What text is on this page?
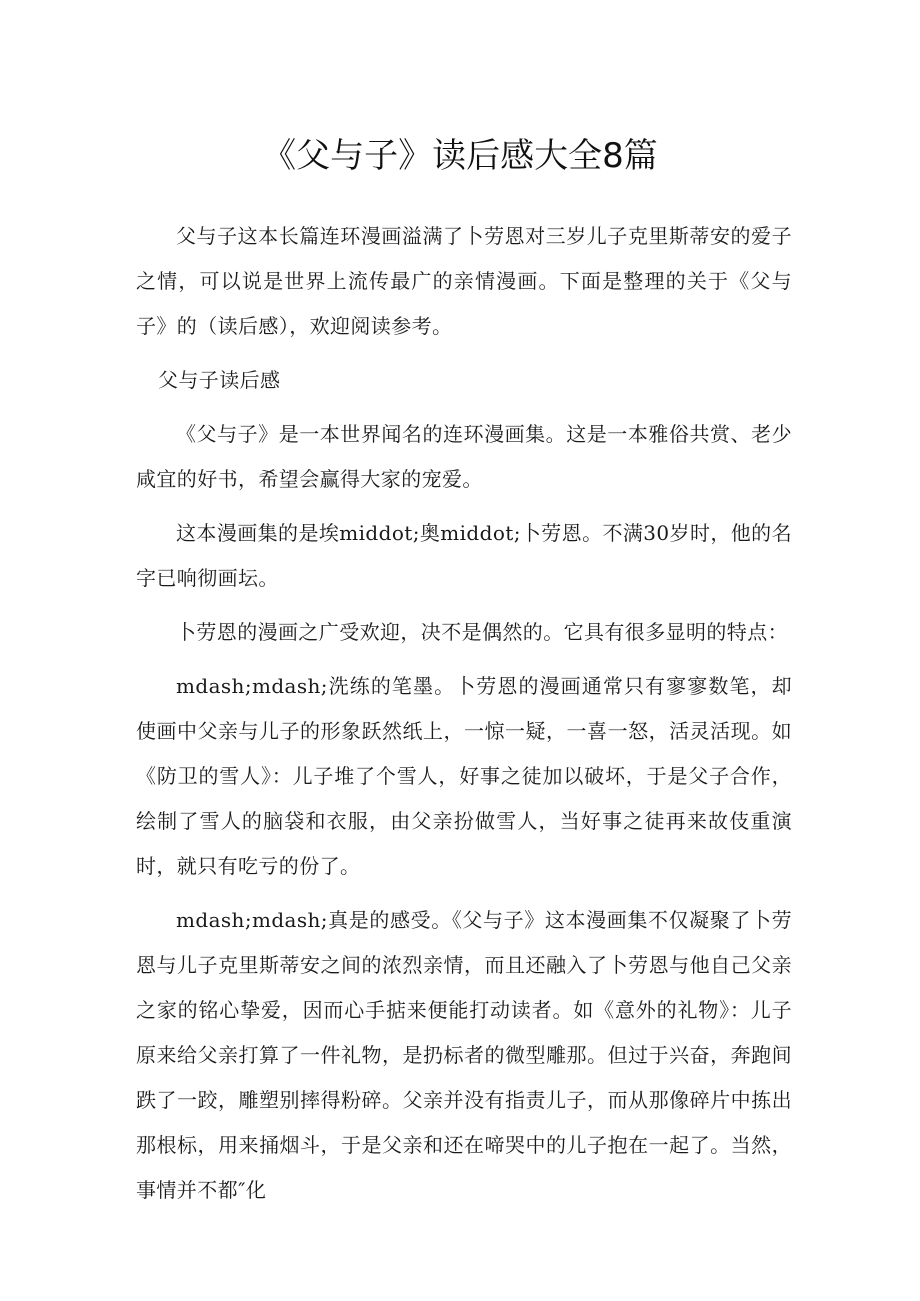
《父与子》读后感大全8篇

父与子这本长篇连环漫画溢满了卜劳恩对三岁儿子克里斯蒂安的爱子之情，可以说是世界上流传最广的亲情漫画。下面是整理的关于《父与子》的（读后感），欢迎阅读参考。

父与子读后感

《父与子》是一本世界闻名的连环漫画集。这是一本雅俗共赏、老少咸宜的好书，希望会赢得大家的宠爱。

这本漫画集的是埃middot;奥middot;卜劳恩。不满30岁时，他的名字已响彻画坛。

卜劳恩的漫画之广受欢迎，决不是偶然的。它具有很多显明的特点：

mdash;mdash;洗练的笔墨。卜劳恩的漫画通常只有寥寥数笔，却使画中父亲与儿子的形象跃然纸上，一惊一疑，一喜一怒，活灵活现。如《防卫的雪人》：儿子堆了个雪人，好事之徒加以破坏，于是父子合作，绘制了雪人的脑袋和衣服，由父亲扮做雪人，当好事之徒再来故伎重演时，就只有吃亏的份了。

mdash;mdash;真是的感受。《父与子》这本漫画集不仅凝聚了卜劳恩与儿子克里斯蒂安之间的浓烈亲情，而且还融入了卜劳恩与他自己父亲之家的铭心挚爱，因而心手掂来便能打动读者。如《意外的礼物》：儿子原来给父亲打算了一件礼物，是扔标者的微型雕那。但过于兴奋，奔跑间跌了一跤，雕塑别摔得粉碎。父亲并没有指责儿子，而从那像碎片中拣出那根标，用来捅烟斗，于是父亲和还在啼哭中的儿子抱在一起了。当然，事情并不都″化
